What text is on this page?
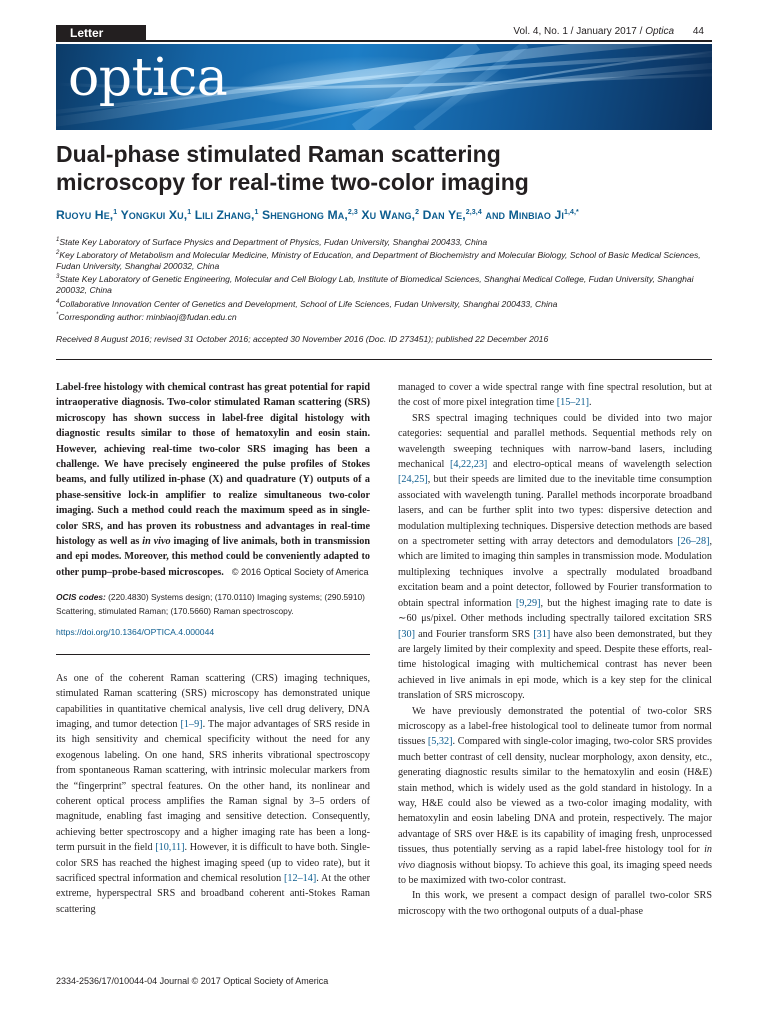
Letter	Vol. 4, No. 1 / January 2017 / Optica 44
optica
Dual-phase stimulated Raman scattering
microscopy for real-time two-color imaging
Ruoyu He,$^1$ Yongkui Xu,$^1$ Lili Zhang,$^1$ Shenghong Ma,$^{2,3}$ Xu Wang,$^2$ Dan Ye,$^{2,3,4}$ and Minbiao $Ji^{1,4,*}$

$^1$State Key Laboratory of Surface Physics and Department of Physics, Fudan University, Shanghai 200433, China

$^2$Key Laboratory of Metabolism and Molecular Medicine, Ministry of Education, and Department of Biochemistry and Molecular Biology, School of Basic Medical Sciences, Fudan University, Shanghai 200032, China

$^3$State Key Laboratory of Genetic Engineering, Molecular and Cell Biology Lab, Institute of Biomedical Sciences, Shanghai Medical College, Fudan University, Shanghai 200032, China

$^4$Collaborative Innovation Center of Genetics and Development, School of Life Sciences, Fudan University, Shanghai 200433, China

*Corresponding author: minbiaoj@fudan.edu.cn

Received 8 August 2016; revised 31 October 2016; accepted 30 November 2016 (Doc. ID 273451); published 22 December 2016

Label-free histology with chemical contrast has great potential for rapid intraoperative diagnosis. Two-color stimulated Raman scattering (SRS) microscopy has shown success in label-free digital histology with diagnostic results similar to those of hematoxylin and eosin stain. However, achieving real-time two-color SRS imaging has been a challenge. We have precisely engineered the pulse profiles of Stokes beams, and fully utilized in-phase (X) and quadrature (Y) outputs of a phase-sensitive lock-in amplifier to realize simultaneous two-color imaging. Such a method could reach the maximum speed as in single-color SRS, and has proven its robustness and advantages in real-time histology as well as in vivo imaging of live animals, both in transmission and epi modes. Moreover, this method could be conveniently adapted to other pump–probe-based microscopes. © 2016 Optical Society of America

OCIS codes: (220.4830) Systems design; (170.0110) Imaging systems; (290.5910) Scattering, stimulated Raman; (170.5660) Raman spectroscopy.

https://doi.org/10.1364/OPTICA.4.000044

As one of the coherent Raman scattering (CRS) imaging techniques, stimulated Raman scattering (SRS) microscopy has demonstrated unique capabilities in quantitative chemical analysis, live cell drug delivery, DNA imaging, and tumor detection [1–9]. The major advantages of SRS reside in its high sensitivity and chemical specificity without the need for any exogenous labeling. On one hand, SRS inherits vibrational spectroscopy from spontaneous Raman scattering, with intrinsic molecular markers from the “fingerprint” spectral features. On the other hand, its nonlinear and coherent optical process amplifies the Raman signal by 3–5 orders of magnitude, enabling fast imaging and sensitive detection. Consequently, achieving better spectroscopy and a higher imaging rate has been a long-term pursuit in the field [10,11]. However, it is difficult to have both. Single-color SRS has reached the highest imaging speed (up to video rate), but it sacrificed spectral information and chemical resolution [12–14]. At the other extreme, hyperspectral SRS and broadband coherent anti-Stokes Raman scattering

managed to cover a wide spectral range with fine spectral resolution, but at the cost of more pixel integration time [15–21].

SRS spectral imaging techniques could be divided into two major categories: sequential and parallel methods. Sequential methods rely on wavelength sweeping techniques with narrow-band lasers, including mechanical [4,22,23] and electro-optical means of wavelength selection [24,25], but their speeds are limited due to the inevitable time consumption associated with wavelength tuning. Parallel methods incorporate broadband lasers, and can be further split into two types: dispersive detection and modulation multiplexing techniques. Dispersive detection methods are based on a spectrometer setting with array detectors and demodulators [26–28], which are limited to imaging thin samples in transmission mode. Modulation multiplexing techniques involve a spectrally modulated broadband excitation beam and a point detector, followed by Fourier transformation to obtain spectral information [9,29], but the highest imaging rate to date is ∼60 μs/pixel. Other methods including spectrally tailored excitation SRS [30] and Fourier transform SRS [31] have also been demonstrated, but they are largely limited by their complexity and speed. Despite these efforts, real-time histological imaging with multichemical contrast has never been achieved in live animals in epi mode, which is a key step for the clinical translation of SRS microscopy.

We have previously demonstrated the potential of two-color SRS microscopy as a label-free histological tool to delineate tumor from normal tissues [5,32]. Compared with single-color imaging, two-color SRS provides much better contrast of cell density, nuclear morphology, axon density, etc., generating diagnostic results similar to the hematoxylin and eosin (H&E) stain method, which is widely used as the gold standard in histology. In a way, H&E could also be viewed as a two-color imaging modality, with hematoxylin and eosin labeling DNA and protein, respectively. The major advantage of SRS over H&E is its capability of imaging fresh, unprocessed tissues, thus potentially serving as a rapid label-free histology tool for in vivo diagnosis without biopsy. To achieve this goal, its imaging speed needs to be maximized with two-color contrast.

In this work, we present a compact design of parallel two-color SRS microscopy with the two orthogonal outputs of a dual-phase

2334-2536/17/010044-04 Journal © 2017 Optical Society of America
